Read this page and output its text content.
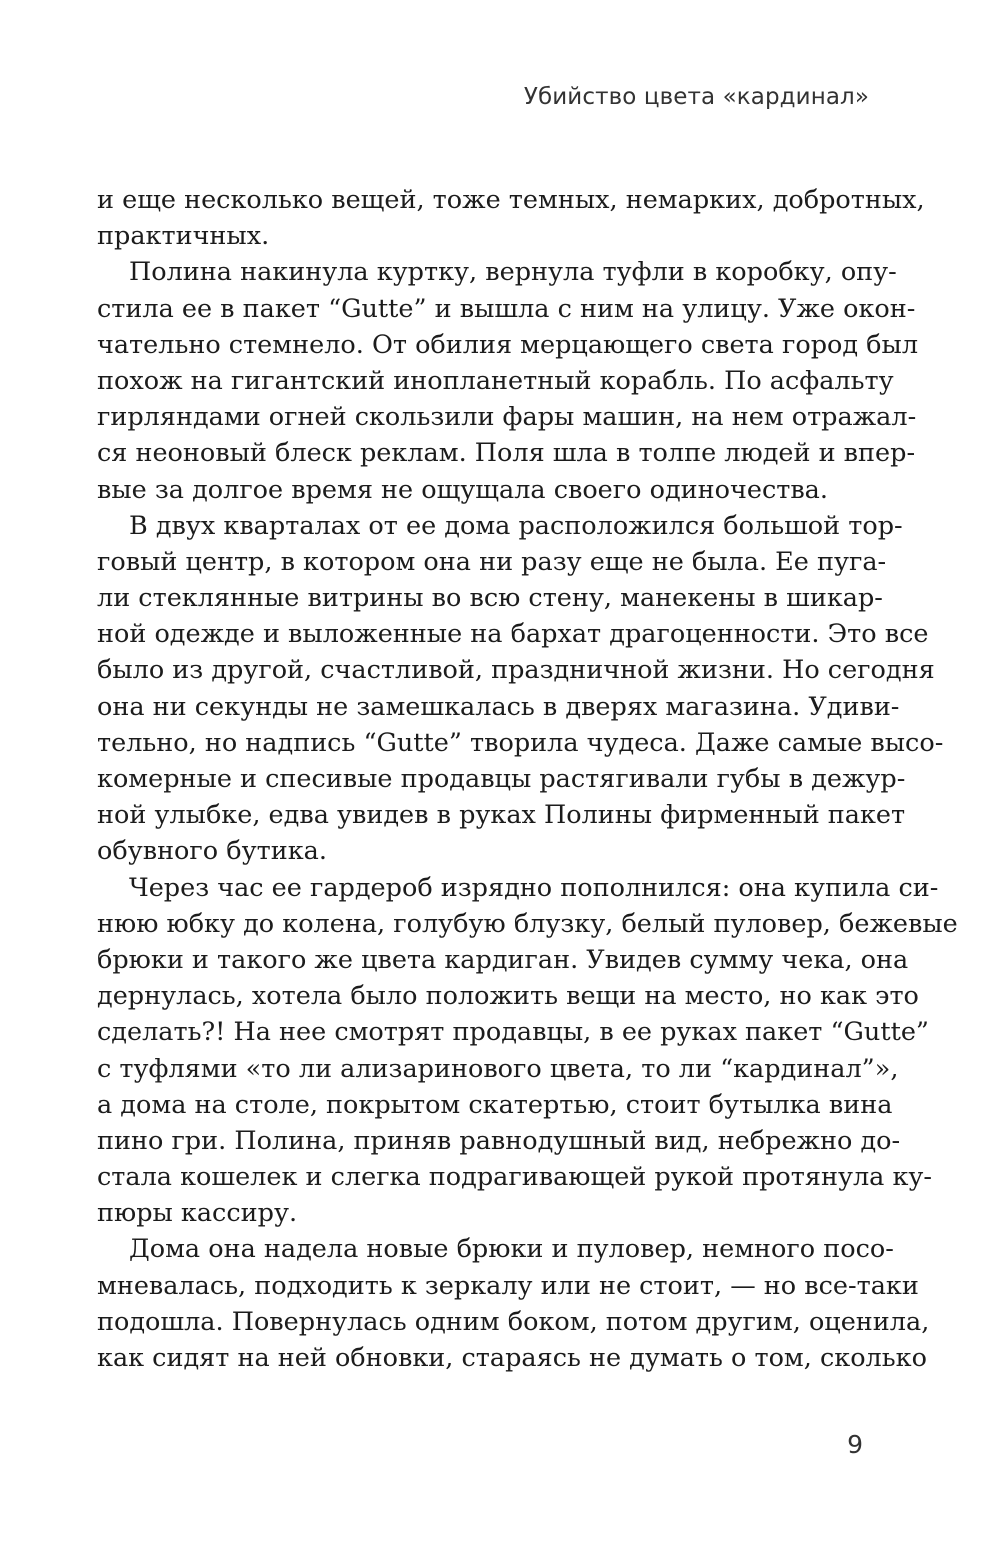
Убийство цвета «кардинал»
и еще несколько вещей, тоже темных, немарких, добротных,
практичных.
Полина накинула куртку, вернула туфли в коробку, опу-
стила ее в пакет “Gutte” и вышла с ним на улицу. Уже окон-
чательно стемнело. От обилия мерцающего света город был
похож на гигантский инопланетный корабль. По асфальту
гирляндами огней скользили фары машин, на нем отражал-
ся неоновый блеск реклам. Поля шла в толпе людей и впер-
вые за долгое время не ощущала своего одиночества.
В двух кварталах от ее дома расположился большой тор-
говый центр, в котором она ни разу еще не была. Ее пуга-
ли стеклянные витрины во всю стену, манекены в шикар-
ной одежде и выложенные на бархат драгоценности. Это все
было из другой, счастливой, праздничной жизни. Но сегодня
она ни секунды не замешкалась в дверях магазина. Удиви-
тельно, но надпись “Gutte” творила чудеса. Даже самые высо-
комерные и спесивые продавцы растягивали губы в дежур-
ной улыбке, едва увидев в руках Полины фирменный пакет
обувного бутика.
Через час ее гардероб изрядно пополнился: она купила си-
нюю юбку до колена, голубую блузку, белый пуловер, бежевые
брюки и такого же цвета кардиган. Увидев сумму чека, она
дернулась, хотела было положить вещи на место, но как это
сделать?! На нее смотрят продавцы, в ее руках пакет “Gutte”
с туфлями «то ли ализаринового цвета, то ли “кардинал”»,
а дома на столе, покрытом скатертью, стоит бутылка вина
пино гри. Полина, приняв равнодушный вид, небрежно до-
стала кошелек и слегка подрагивающей рукой протянула ку-
пюры кассиру.
Дома она надела новые брюки и пуловер, немного посо-
мневалась, подходить к зеркалу или не стоит, — но все-таки
подошла. Повернулась одним боком, потом другим, оценила,
как сидят на ней обновки, стараясь не думать о том, сколько
9
